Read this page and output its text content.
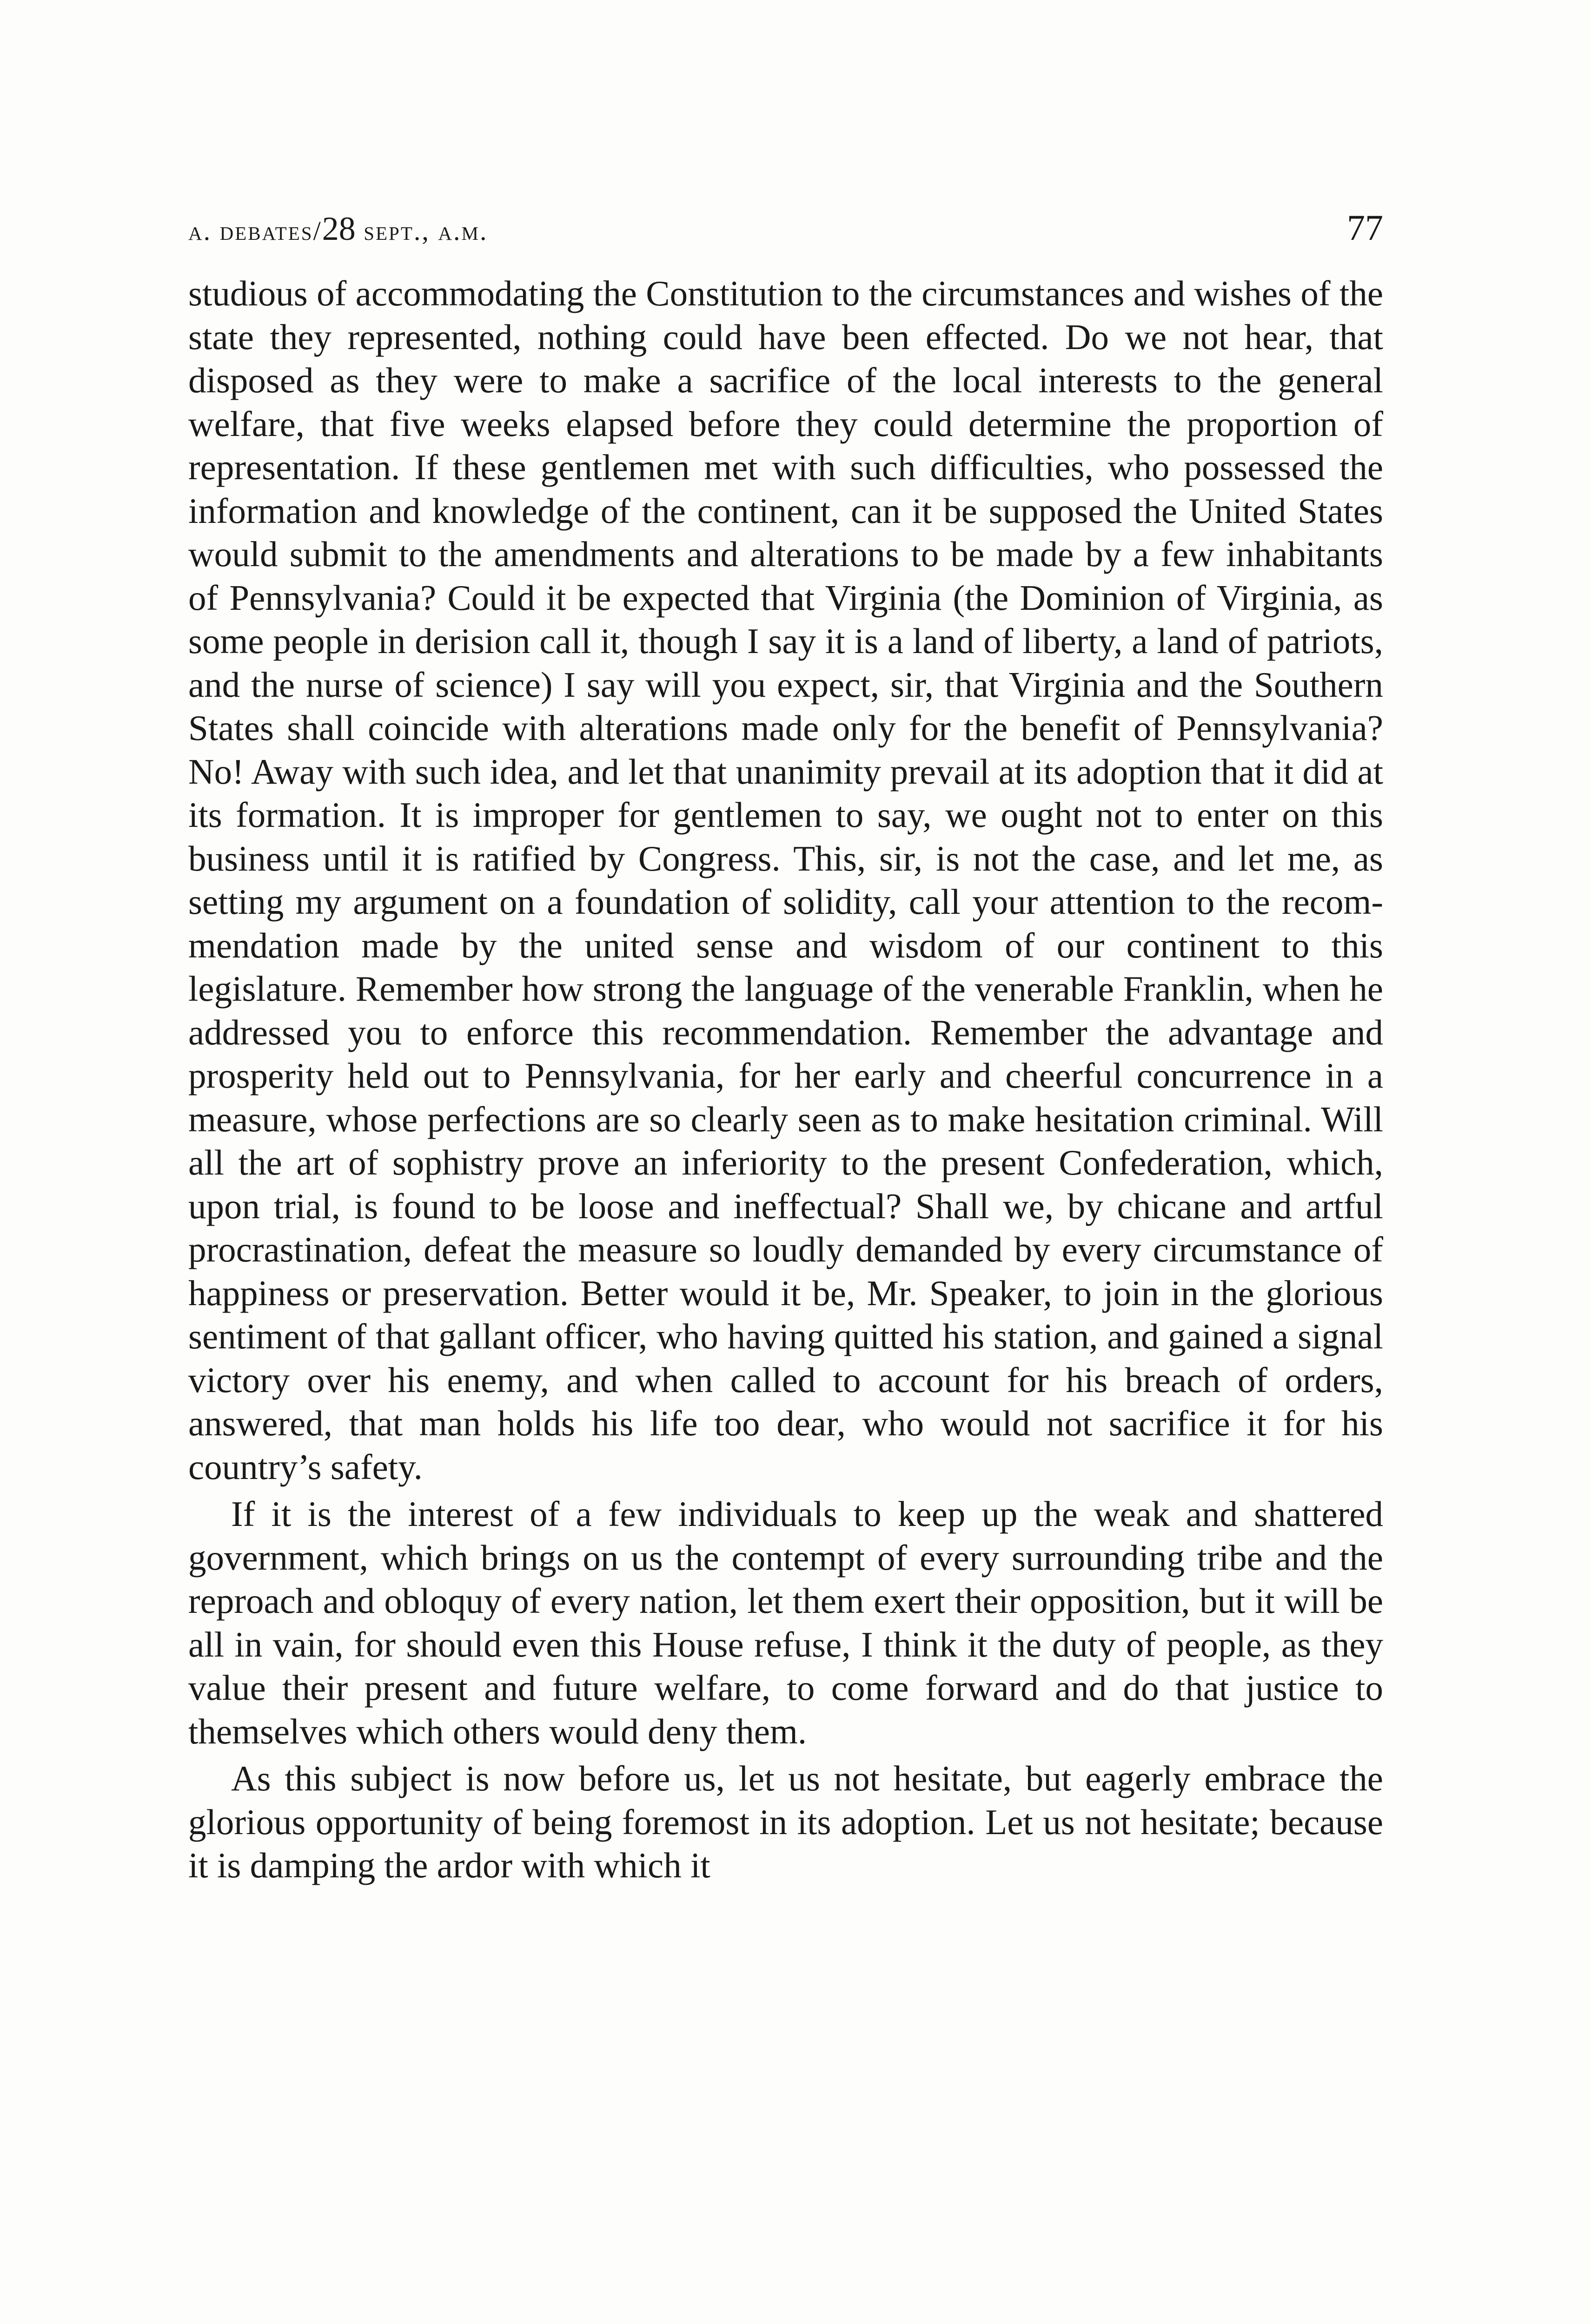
a. debates/28 sept., a.m.	77

studious of accommodating the Constitution to the circumstances and wishes of the state they represented, nothing could have been effected. Do we not hear, that disposed as they were to make a sacrifice of the local interests to the general welfare, that five weeks elapsed before they could determine the proportion of representation. If these gentlemen met with such difficulties, who possessed the information and knowledge of the continent, can it be supposed the United States would submit to the amendments and alterations to be made by a few inhabitants of Pennsylvania? Could it be expected that Virginia (the Dominion of Virginia, as some people in derision call it, though I say it is a land of liberty, a land of patriots, and the nurse of science) I say will you expect, sir, that Virginia and the Southern States shall coincide with alterations made only for the benefit of Pennsylvania? No! Away with such idea, and let that unanimity prevail at its adoption that it did at its formation. It is improper for gentlemen to say, we ought not to enter on this business until it is ratified by Congress. This, sir, is not the case, and let me, as setting my argument on a foundation of solidity, call your attention to the recommendation made by the united sense and wisdom of our continent to this legislature. Remember how strong the language of the venerable Franklin, when he addressed you to enforce this recommendation. Remember the advantage and prosperity held out to Pennsylvania, for her early and cheerful concurrence in a measure, whose perfections are so clearly seen as to make hesitation criminal. Will all the art of sophistry prove an inferiority to the present Confederation, which, upon trial, is found to be loose and ineffectual? Shall we, by chicane and artful procrastination, defeat the measure so loudly demanded by every circumstance of happiness or preservation. Better would it be, Mr. Speaker, to join in the glorious sentiment of that gallant officer, who having quitted his station, and gained a signal victory over his enemy, and when called to account for his breach of orders, answered, that man holds his life too dear, who would not sacrifice it for his country’s safety.

If it is the interest of a few individuals to keep up the weak and shattered government, which brings on us the contempt of every surrounding tribe and the reproach and obloquy of every nation, let them exert their opposition, but it will be all in vain, for should even this House refuse, I think it the duty of people, as they value their present and future welfare, to come forward and do that justice to themselves which others would deny them.

As this subject is now before us, let us not hesitate, but eagerly embrace the glorious opportunity of being foremost in its adoption. Let us not hesitate; because it is damping the ardor with which it
